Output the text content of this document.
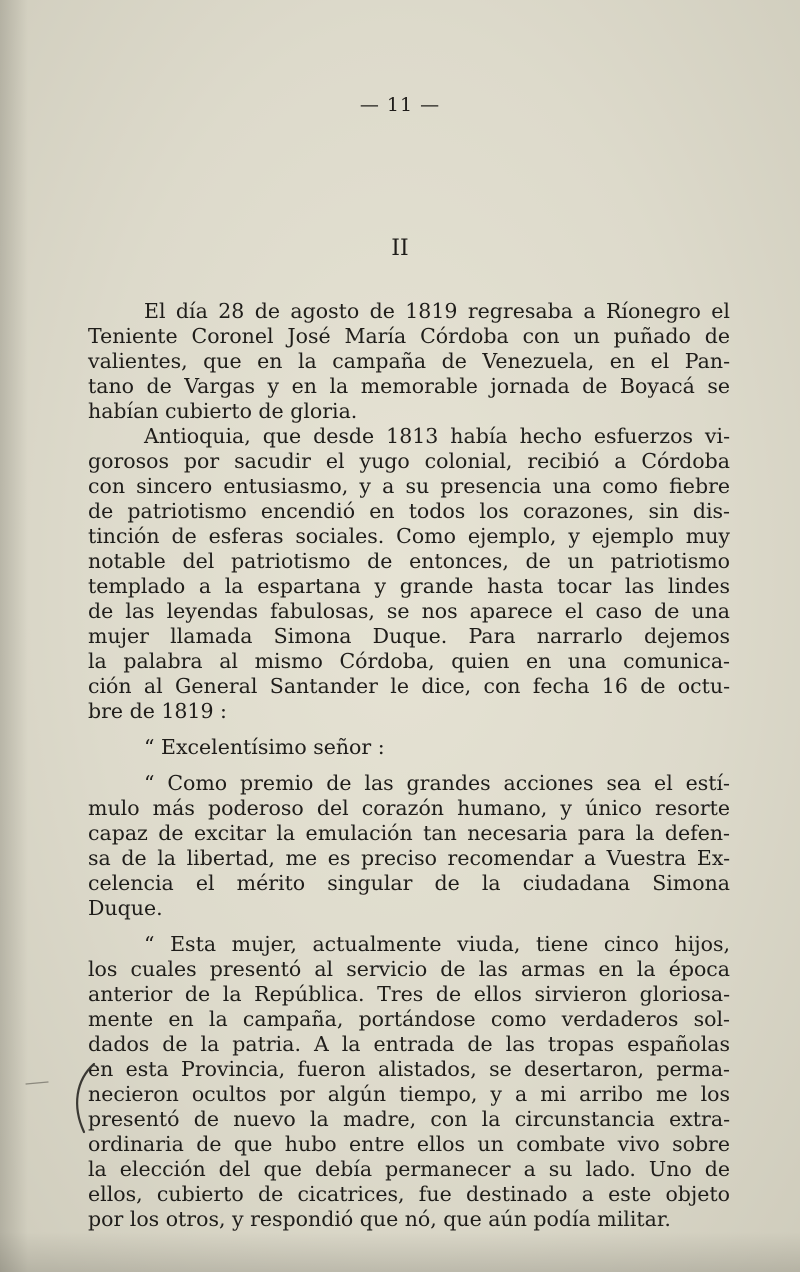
— 11 —
II
El día 28 de agosto de 1819 regresaba a Ríonegro el
Teniente Coronel José María Córdoba con un puñado de
valientes, que en la campaña de Venezuela, en el Pan-
tano de Vargas y en la memorable jornada de Boyacá se
habían cubierto de gloria.
Antioquia, que desde 1813 había hecho esfuerzos vi-
gorosos por sacudir el yugo colonial, recibió a Córdoba
con sincero entusiasmo, y a su presencia una como fiebre
de patriotismo encendió en todos los corazones, sin dis-
tinción de esferas sociales. Como ejemplo, y ejemplo muy
notable del patriotismo de entonces, de un patriotismo
templado a la espartana y grande hasta tocar las lindes
de las leyendas fabulosas, se nos aparece el caso de una
mujer llamada Simona Duque. Para narrarlo dejemos
la palabra al mismo Córdoba, quien en una comunica-
ción al General Santander le dice, con fecha 16 de octu-
bre de 1819 :
“ Excelentísimo señor :
“ Como premio de las grandes acciones sea el estí-
mulo más poderoso del corazón humano, y único resorte
capaz de excitar la emulación tan necesaria para la defen-
sa de la libertad, me es preciso recomendar a Vuestra Ex-
celencia el mérito singular de la ciudadana Simona
Duque.
“ Esta mujer, actualmente viuda, tiene cinco hijos,
los cuales presentó al servicio de las armas en la época
anterior de la República. Tres de ellos sirvieron gloriosa-
mente en la campaña, portándose como verdaderos sol-
dados de la patria. A la entrada de las tropas españolas
en esta Provincia, fueron alistados, se desertaron, perma-
necieron ocultos por algún tiempo, y a mi arribo me los
presentó de nuevo la madre, con la circunstancia extra-
ordinaria de que hubo entre ellos un combate vivo sobre
la elección del que debía permanecer a su lado. Uno de
ellos, cubierto de cicatrices, fue destinado a este objeto
por los otros, y respondió que nó, que aún podía militar.
